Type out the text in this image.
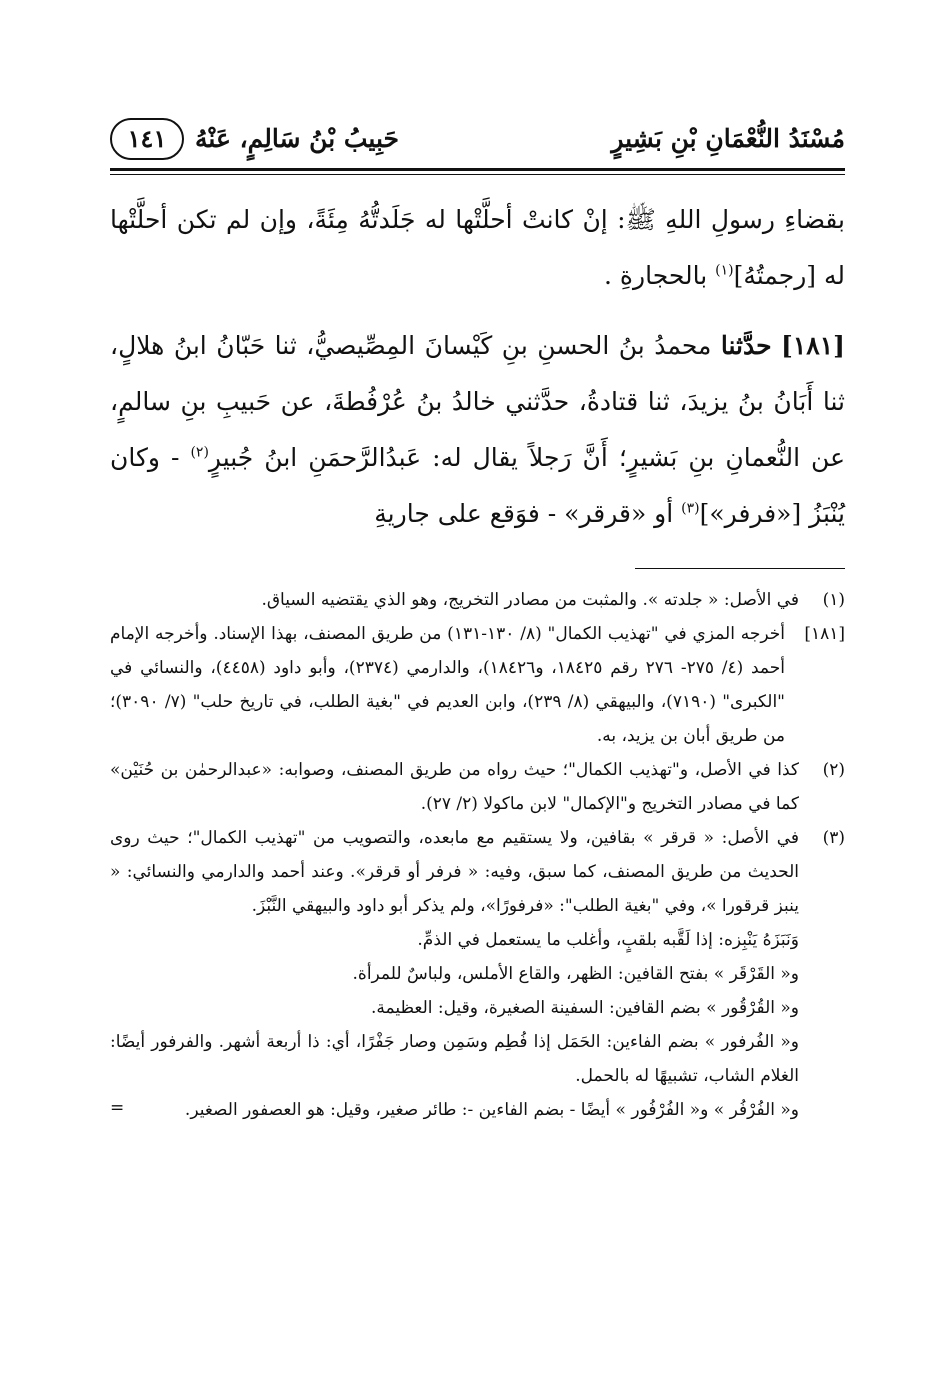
مُسْنَدُ النُّعْمَانِ بْنِ بَشِيرٍ
حَبِيبُ بْنُ سَالِمٍ، عَنْهُ
١٤١

بقضاءِ رسولِ اللهِ ﷺ: إنْ كانتْ أحلَّتْها له جَلَدتُّهُ مِئَةً، وإن لم تكن أحلَّتْها له [رجمتُهُ]$^{(١)}$ بالحجارةِ .

[١٨١] حدَّثنا محمدُ بنُ الحسنِ بنِ كَيْسانَ المِصِّيصيُّ، ثنا حَبّانُ ابنُ هلالٍ، ثنا أَبَانُ بنُ يزيدَ، ثنا قتادةُ، حدَّثني خالدُ بنُ عُرْفُطةَ، عن حَبيبِ بنِ سالمٍ، عن النُّعمانِ بنِ بَشيرٍ؛ أَنَّ رَجلاً يقال له: عَبدُالرَّحمَنِ ابنُ جُبيرٍ$^{(٢)}$ - وكان يُنْبَزُ [«فرفر»]$^{(٣)}$ أو «قرقر» - فوَقع على جاريةِ

(١)
في الأصل: « جلدته ». والمثبت من مصادر التخريج، وهو الذي يقتضيه السياق.
[١٨١]
أخرجه المزي في "تهذيب الكمال" (٨/ ١٣٠-١٣١) من طريق المصنف، بهذا الإسناد. وأخرجه الإمام أحمد (٤/ ٢٧٥- ٢٧٦ رقم ١٨٤٢٥، و١٨٤٢٦)، والدارمي (٢٣٧٤)، وأبو داود (٤٤٥٨)، والنسائي في "الكبرى" (٧١٩٠)، والبيهقي (٨/ ٢٣٩)، وابن العديم في "بغية الطلب، في تاريخ حلب" (٧/ ٣٠٩٠)؛ من طريق أبان بن يزيد، به.
(٢)
كذا في الأصل، و"تهذيب الكمال"؛ حيث رواه من طريق المصنف، وصوابه: «عبدالرحمٰن بن حُنَيْن» كما في مصادر التخريج و"الإكمال" لابن ماكولا (٢/ ٢٧).
(٣)
في الأصل: « قرقر » بقافين، ولا يستقيم مع مابعده، والتصويب من "تهذيب الكمال"؛ حيث روى الحديث من طريق المصنف، كما سبق، وفيه: « فرفر أو قرقر». وعند أحمد والدارمي والنسائي: « ينبز قرقورا »، وفي "بغية الطلب": «فرفورًا»، ولم يذكر أبو داود والبيهقي النَّبْزَ.
وَنَبَزَهُ يَنْبِزه: إذا لَقَّبه بلقبٍ، وأغلب ما يستعمل في الذمِّ.
و« القَرْقَر » بفتح القافين: الظهر، والقاع الأملس، ولباسٌ للمرأة.
و« القُرْقُور » بضم القافين: السفينة الصغيرة، وقيل: العظيمة.
و« الفُرفور » بضم الفاءين: الحَمَل إذا فُطِم وسَمِن وصار جَفْرًا، أي: ذا أربعة أشهر. والفرفور أيضًا: الغلام الشاب، تشبيهًا له بالحمل.
و« الفُرْفُر » و« الفُرْفُور » أيضًا - بضم الفاءين -: طائر صغير، وقيل: هو العصفور الصغير.
=
